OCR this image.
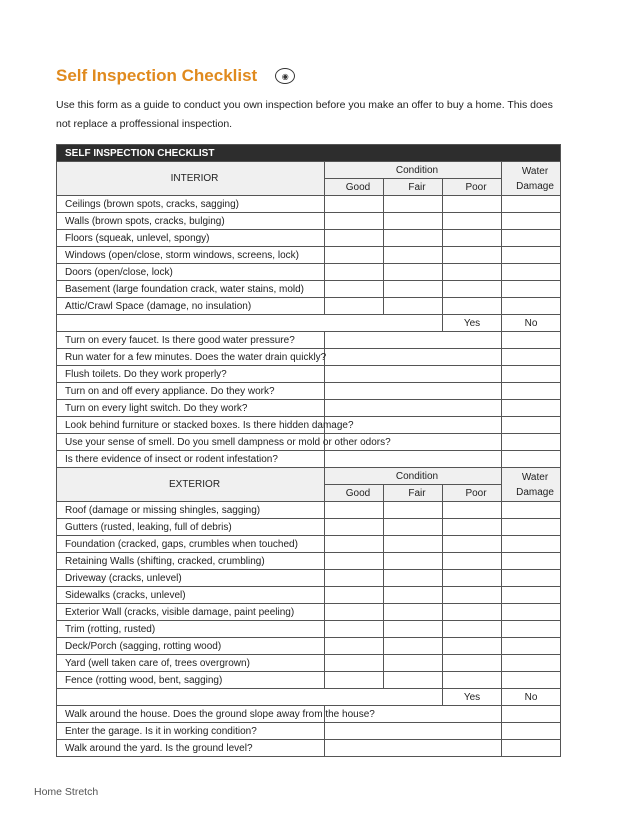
Self Inspection Checklist	◉
Use this form as a guide to conduct you own inspection before you make an offer to buy a home. This does not replace a proffessional inspection.
SELF INSPECTION CHECKLIST					
INTERIOR	Condition			Water Damage	
	Good	Fair	Poor		
Ceilings (brown spots, cracks, sagging)					
Walls (brown spots, cracks, bulging)					
Floors (squeak, unlevel, spongy)					
Windows (open/close, storm windows, screens, lock)					
Doors (open/close, lock)					
Basement (large foundation crack, water stains, mold)					
Attic/Crawl Space (damage, no insulation)					
			Yes	No	
Turn on every faucet. Is there good water pressure?					
Run water for a few minutes. Does the water drain quickly?					
Flush toilets. Do they work properly?					
Turn on and off every appliance. Do they work?					
Turn on every light switch. Do they work?					
Look behind furniture or stacked boxes. Is there hidden damage?					
Use your sense of smell. Do you smell dampness or mold or other odors?					
Is there evidence of insect or rodent infestation?					
EXTERIOR	Condition			Water Damage	
	Good	Fair	Poor		
Roof (damage or missing shingles, sagging)					
Gutters (rusted, leaking, full of debris)					
Foundation (cracked, gaps, crumbles when touched)					
Retaining Walls (shifting, cracked, crumbling)					
Driveway (cracks, unlevel)					
Sidewalks (cracks, unlevel)					
Exterior Wall (cracks, visible damage, paint peeling)					
Trim (rotting, rusted)					
Deck/Porch (sagging, rotting wood)					
Yard (well taken care of, trees overgrown)					
Fence (rotting wood, bent, sagging)					
			Yes	No	
Walk around the house. Does the ground slope away from the house?					
Enter the garage. Is it in working condition?					
Walk around the yard. Is the ground level?					
Home Stretch
